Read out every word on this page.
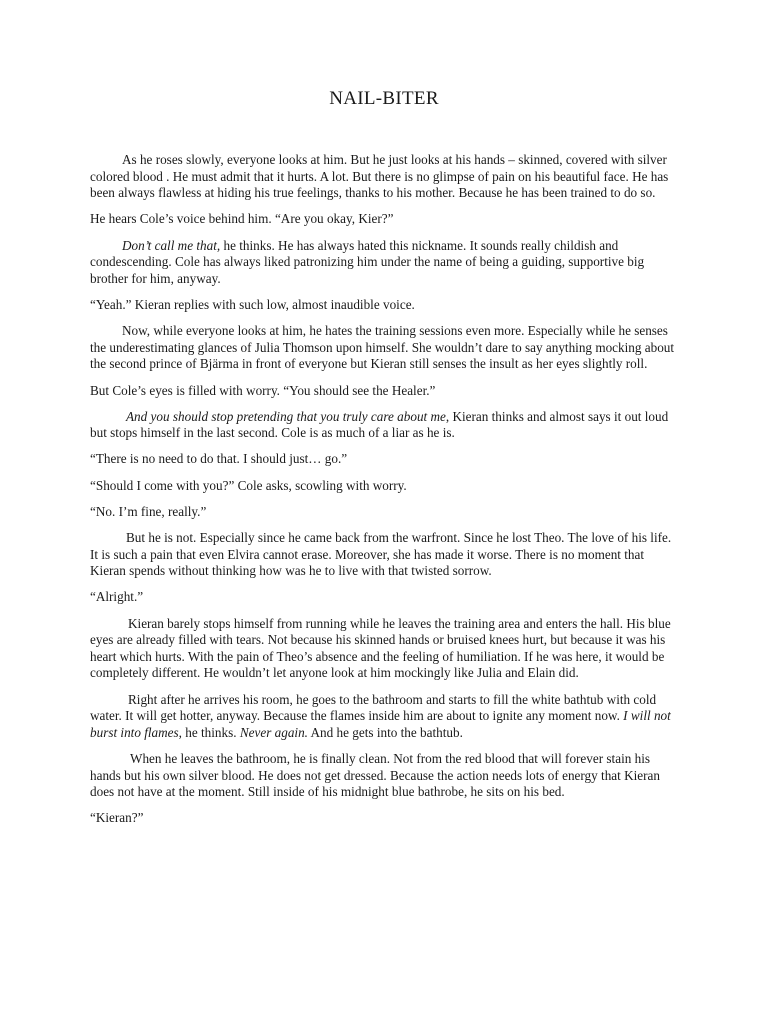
NAIL-BITER

As he roses slowly, everyone looks at him. But he just looks at his hands – skinned, covered with silver colored blood . He must admit that it hurts. A lot. But there is no glimpse of pain on his beautiful face. He has been always flawless at hiding his true feelings, thanks to his mother. Because he has been trained to do so.

He hears Cole’s voice behind him. “Are you okay, Kier?”

Don’t call me that, he thinks. He has always hated this nickname. It sounds really childish and condescending. Cole has always liked patronizing him under the name of being a guiding, supportive big brother for him, anyway.

“Yeah.” Kieran replies with such low, almost inaudible voice.

Now, while everyone looks at him, he hates the training sessions even more. Especially while he senses the underestimating glances of Julia Thomson upon himself. She wouldn’t dare to say anything mocking about the second prince of Bjärma in front of everyone but Kieran still senses the insult as her eyes slightly roll.

But Cole’s eyes is filled with worry. “You should see the Healer.”

And you should stop pretending that you truly care about me, Kieran thinks and almost says it out loud but stops himself in the last second. Cole is as much of a liar as he is.

“There is no need to do that. I should just… go.”

“Should I come with you?” Cole asks, scowling with worry.

“No. I’m fine, really.”

But he is not. Especially since he came back from the warfront. Since he lost Theo. The love of his life. It is such a pain that even Elvira cannot erase. Moreover, she has made it worse. There is no moment that Kieran spends without thinking how was he to live with that twisted sorrow.

“Alright.”

Kieran barely stops himself from running while he leaves the training area and enters the hall. His blue eyes are already filled with tears. Not because his skinned hands or bruised knees hurt, but because it was his heart which hurts. With the pain of Theo’s absence and the feeling of humiliation. If he was here, it would be completely different. He wouldn’t let anyone look at him mockingly like Julia and Elain did.

Right after he arrives his room, he goes to the bathroom and starts to fill the white bathtub with cold water. It will get hotter, anyway. Because the flames inside him are about to ignite any moment now. I will not burst into flames, he thinks. Never again. And he gets into the bathtub.

When he leaves the bathroom, he is finally clean. Not from the red blood that will forever stain his hands but his own silver blood. He does not get dressed. Because the action needs lots of energy that Kieran does not have at the moment. Still inside of his midnight blue bathrobe, he sits on his bed.

“Kieran?”
